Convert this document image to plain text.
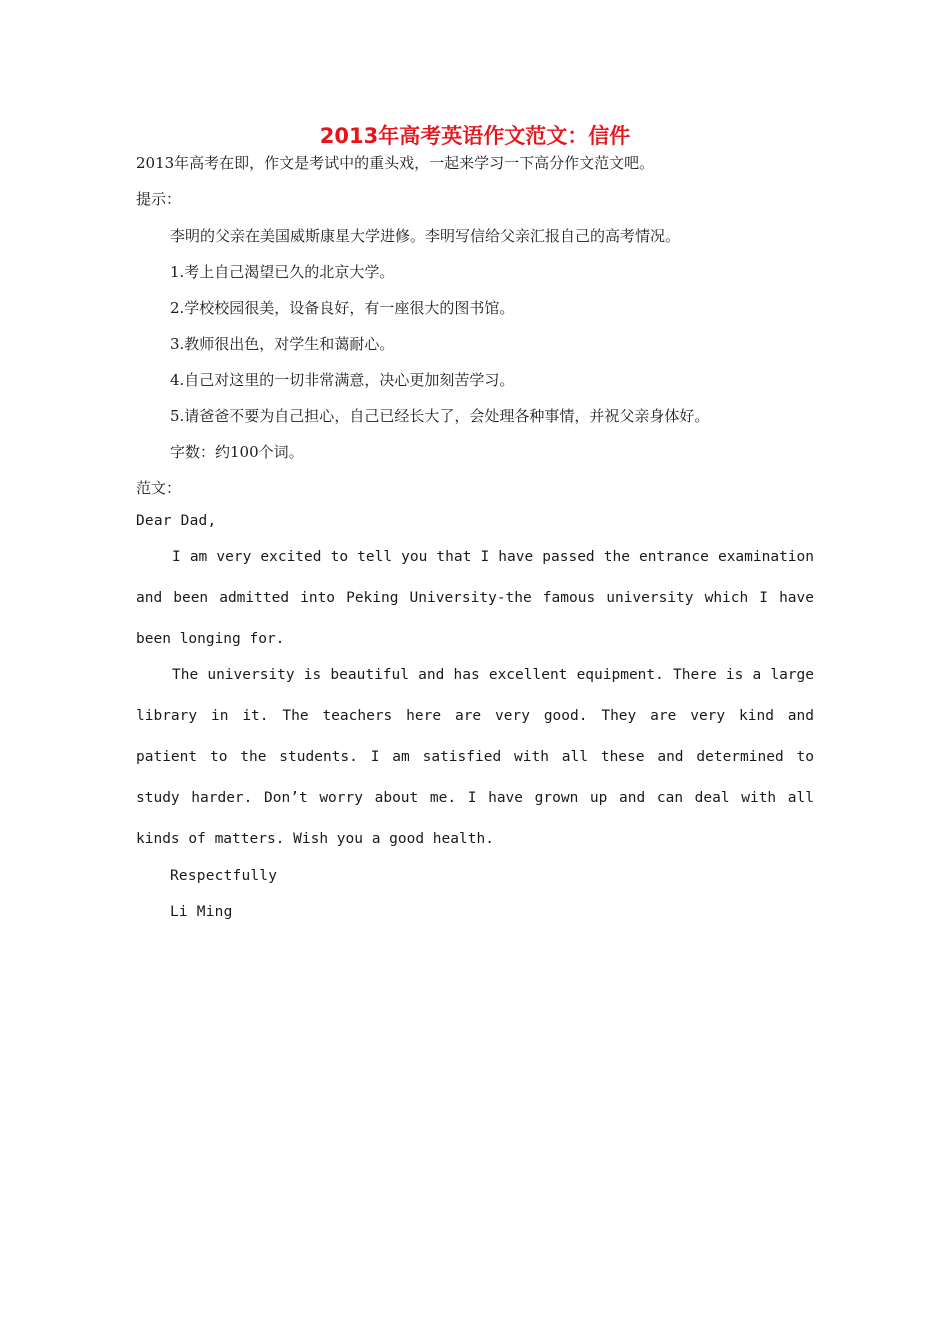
2013年高考英语作文范文：信件

2013年高考在即，作文是考试中的重头戏，一起来学习一下高分作文范文吧。

提示：

李明的父亲在美国威斯康星大学进修。李明写信给父亲汇报自己的高考情况。

1.考上自己渴望已久的北京大学。

2.学校校园很美，设备良好，有一座很大的图书馆。

3.教师很出色，对学生和蔼耐心。

4.自己对这里的一切非常满意，决心更加刻苦学习。

5.请爸爸不要为自己担心，自己已经长大了，会处理各种事情，并祝父亲身体好。

字数：约100个词。

范文：

Dear Dad,

I am very excited to tell you that I have passed the entrance examination and been admitted into Peking University-the famous university which I have been longing for.

The university is beautiful and has excellent equipment. There is a large library in it. The teachers here are very good. They are very kind and patient to the students. I am satisfied with all these and determined to study harder. Don’t worry about me. I have grown up and can deal with all kinds of matters. Wish you a good health.

Respectfully

Li Ming
